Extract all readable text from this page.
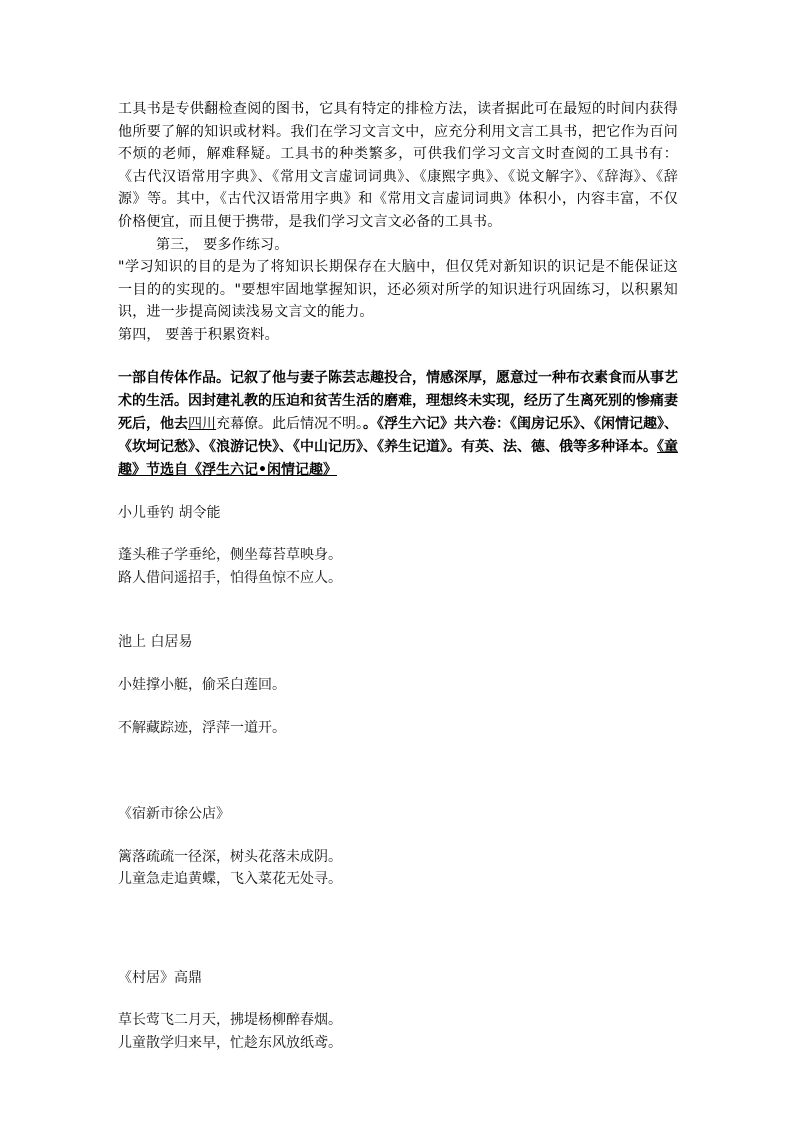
工具书是专供翻检查阅的图书，它具有特定的排检方法，读者据此可在最短的时间内获得他所要了解的知识或材料。我们在学习文言文中，应充分利用文言工具书，把它作为百问不烦的老师，解难释疑。工具书的种类繁多，可供我们学习文言文时查阅的工具书有：《古代汉语常用字典》、《常用文言虚词词典》、《康熙字典》、《说文解字》、《辞海》、《辞源》等。其中，《古代汉语常用字典》和《常用文言虚词词典》体积小，内容丰富，不仅价格便宜，而且便于携带，是我们学习文言文必备的工具书。

第三， 要多作练习。

"学习知识的目的是为了将知识长期保存在大脑中，但仅凭对新知识的识记是不能保证这一目的的实现的。"要想牢固地掌握知识，还必须对所学的知识进行巩固练习，以积累知识，进一步提高阅读浅易文言文的能力。

第四， 要善于积累资料。

一部自传体作品。记叙了他与妻子陈芸志趣投合，情感深厚，愿意过一种布衣素食而从事艺术的生活。因封建礼教的压迫和贫苦生活的磨难，理想终未实现，经历了生离死别的惨痛妻死后，他去四川充幕僚。此后情况不明。。《浮生六记》共六卷：《闺房记乐》、《闲情记趣》、《坎坷记愁》、《浪游记快》、《中山记历》、《养生记道》。有英、法、德、俄等多种译本。《童趣》节选自《浮生六记•闲情记趣》

小儿垂钓 胡令能

蓬头稚子学垂纶，侧坐莓苔草映身。
路人借问遥招手，怕得鱼惊不应人。

池上 白居易

小娃撑小艇，偷采白莲回。

不解藏踪迹，浮萍一道开。

《宿新市徐公店》

篱落疏疏一径深，树头花落未成阴。
儿童急走追黄蝶，飞入菜花无处寻。

《村居》高鼎

草长莺飞二月天，拂堤杨柳醉春烟。
儿童散学归来早，忙趁东风放纸鸢。
